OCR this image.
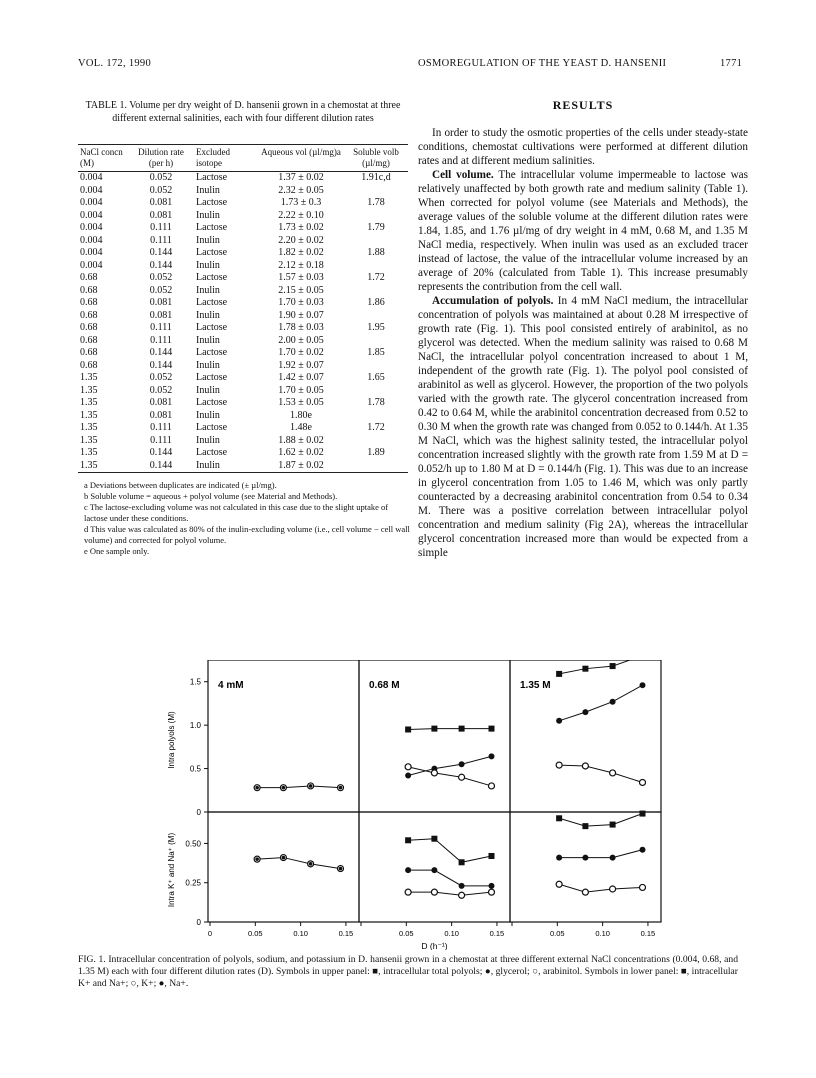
VOL. 172, 1990	OSMOREGULATION OF THE YEAST D. HANSENII	1771
TABLE 1. Volume per dry weight of D. hansenii grown in a chemostat at three different external salinities, each with four different dilution rates
NaCl concn (M)	Dilution rate (per h)	Excluded isotope	Aqueous vol (µl/mg)a	Soluble volb (µl/mg)
0.004	0.052	Lactose	1.37 ± 0.02	1.91c,d
0.004	0.052	Inulin	2.32 ± 0.05	
0.004	0.081	Lactose	1.73 ± 0.3	1.78
0.004	0.081	Inulin	2.22 ± 0.10	
0.004	0.111	Lactose	1.73 ± 0.02	1.79
0.004	0.111	Inulin	2.20 ± 0.02	
0.004	0.144	Lactose	1.82 ± 0.02	1.88
0.004	0.144	Inulin	2.12 ± 0.18	
0.68	0.052	Lactose	1.57 ± 0.03	1.72
0.68	0.052	Inulin	2.15 ± 0.05	
0.68	0.081	Lactose	1.70 ± 0.03	1.86
0.68	0.081	Inulin	1.90 ± 0.07	
0.68	0.111	Lactose	1.78 ± 0.03	1.95
0.68	0.111	Inulin	2.00 ± 0.05	
0.68	0.144	Lactose	1.70 ± 0.02	1.85
0.68	0.144	Inulin	1.92 ± 0.07	
1.35	0.052	Lactose	1.42 ± 0.07	1.65
1.35	0.052	Inulin	1.70 ± 0.05	
1.35	0.081	Lactose	1.53 ± 0.05	1.78
1.35	0.081	Inulin	1.80e	
1.35	0.111	Lactose	1.48e	1.72
1.35	0.111	Inulin	1.88 ± 0.02	
1.35	0.144	Lactose	1.62 ± 0.02	1.89
1.35	0.144	Inulin	1.87 ± 0.02	

a Deviations between duplicates are indicated (± µl/mg).

b Soluble volume = aqueous + polyol volume (see Material and Methods).

c The lactose-excluding volume was not calculated in this case due to the slight uptake of lactose under these conditions.

d This value was calculated as 80% of the inulin-excluding volume (i.e., cell volume − cell wall volume) and corrected for polyol volume.

e One sample only.

RESULTS

In order to study the osmotic properties of the cells under steady-state conditions, chemostat cultivations were performed at different dilution rates and at different medium salinities.

Cell volume. The intracellular volume impermeable to lactose was relatively unaffected by both growth rate and medium salinity (Table 1). When corrected for polyol volume (see Materials and Methods), the average values of the soluble volume at the different dilution rates were 1.84, 1.85, and 1.76 µl/mg of dry weight in 4 mM, 0.68 M, and 1.35 M NaCl media, respectively. When inulin was used as an excluded tracer instead of lactose, the value of the intracellular volume increased by an average of 20% (calculated from Table 1). This increase presumably represents the contribution from the cell wall.

Accumulation of polyols. In 4 mM NaCl medium, the intracellular concentration of polyols was maintained at about 0.28 M irrespective of growth rate (Fig. 1). This pool consisted entirely of arabinitol, as no glycerol was detected. When the medium salinity was raised to 0.68 M NaCl, the intracellular polyol concentration increased to about 1 M, independent of the growth rate (Fig. 1). The polyol pool consisted of arabinitol as well as glycerol. However, the proportion of the two polyols varied with the growth rate. The glycerol concentration increased from 0.42 to 0.64 M, while the arabinitol concentration decreased from 0.52 to 0.30 M when the growth rate was changed from 0.052 to 0.144/h. At 1.35 M NaCl, which was the highest salinity tested, the intracellular polyol concentration increased slightly with the growth rate from 1.59 M at D = 0.052/h up to 1.80 M at D = 0.144/h (Fig. 1). This was due to an increase in glycerol concentration from 1.05 to 1.46 M, which was only partly counteracted by a decreasing arabinitol concentration from 0.54 to 0.34 M. There was a positive correlation between intracellular polyol concentration and medium salinity (Fig 2A), whereas the intracellular glycerol concentration increased more than would be expected from a simple

4 mM	0.68 M	1.35 M
0
0.5
1.0
1.5
0
0.25
0.50
0	0.05	0.10	0.15	0.05	0.10	0.15	0.05	0.10	0.15
D (h⁻¹)
Intra polyols (M)
Intra K⁺ and Na⁺ (M)
FIG. 1. Intracellular concentration of polyols, sodium, and potassium in D. hansenii grown in a chemostat at three different external NaCl concentrations (0.004, 0.68, and 1.35 M) each with four different dilution rates (D). Symbols in upper panel: ■, intracellular total polyols; ●, glycerol; ○, arabinitol. Symbols in lower panel: ■, intracellular K+ and Na+; ○, K+; ●, Na+.
